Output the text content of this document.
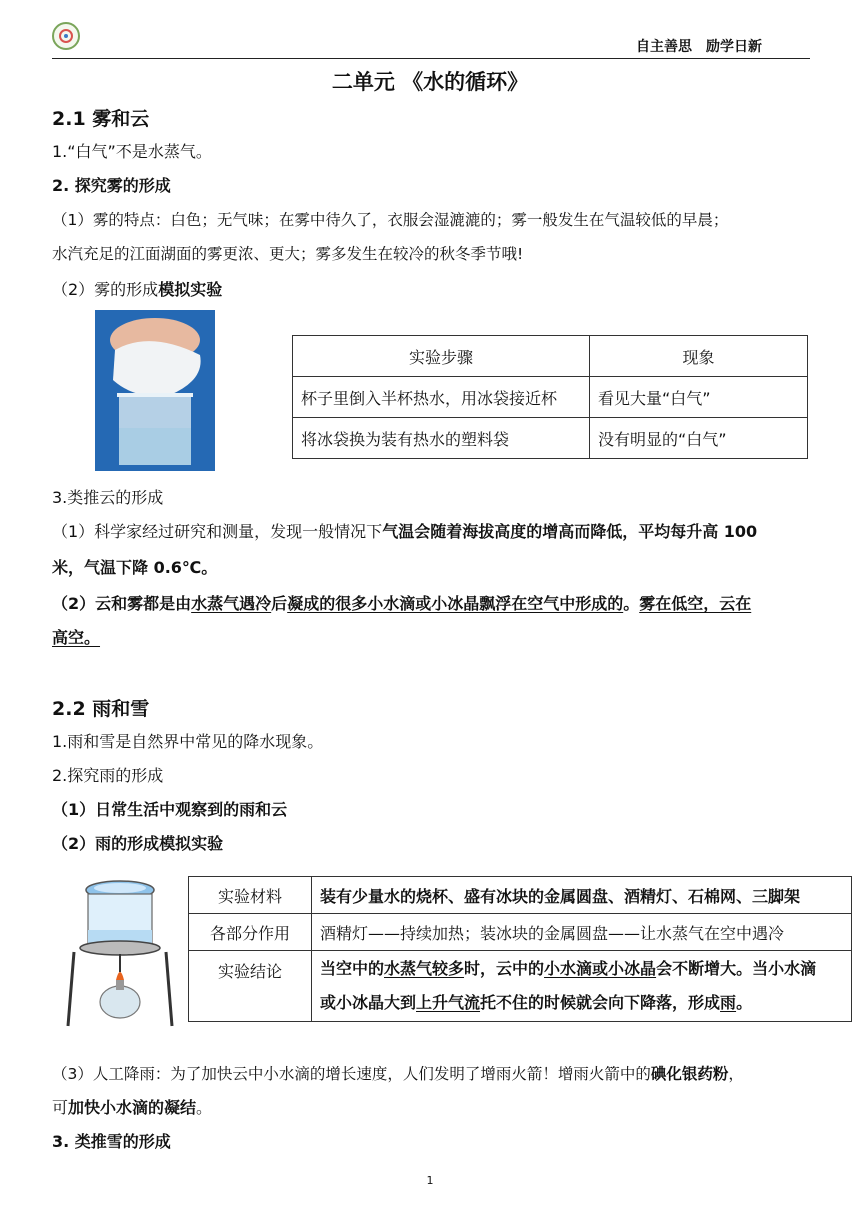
自主善思 励学日新
二单元 《水的循环》
2.1 雾和云
1.“白气”不是水蒸气。
2. 探究雾的形成
（1）雾的特点：白色；无气味；在雾中待久了，衣服会湿漉漉的；雾一般发生在气温较低的早晨；
水汽充足的江面湖面的雾更浓、更大；雾多发生在较冷的秋冬季节哦!
（2）雾的形成模拟实验
实验步骤	现象
杯子里倒入半杯热水，用冰袋接近杯	看见大量“白气”
将冰袋换为装有热水的塑料袋	没有明显的“白气”
3.类推云的形成
（1）科学家经过研究和测量，发现一般情况下气温会随着海拔高度的增高而降低，平均每升高 100
米，气温下降 0.6℃。
（2）云和雾都是由水蒸气遇冷后凝成的很多小水滴或小冰晶飘浮在空气中形成的。雾在低空，云在
高空。
2.2 雨和雪
1.雨和雪是自然界中常见的降水现象。
2.探究雨的形成
（1）日常生活中观察到的雨和云
（2）雨的形成模拟实验
实验材料	装有少量水的烧杯、盛有冰块的金属圆盘、酒精灯、石棉网、三脚架
各部分作用	酒精灯——持续加热；装冰块的金属圆盘——让水蒸气在空中遇冷
实验结论	当空中的水蒸气较多时，云中的小水滴或小冰晶会不断增大。当小水滴
或小冰晶大到上升气流托不住的时候就会向下降落，形成雨。
（3）人工降雨：为了加快云中小水滴的增长速度，人们发明了增雨火箭！增雨火箭中的碘化银药粉，
可加快小水滴的凝结。
3. 类推雪的形成
1
